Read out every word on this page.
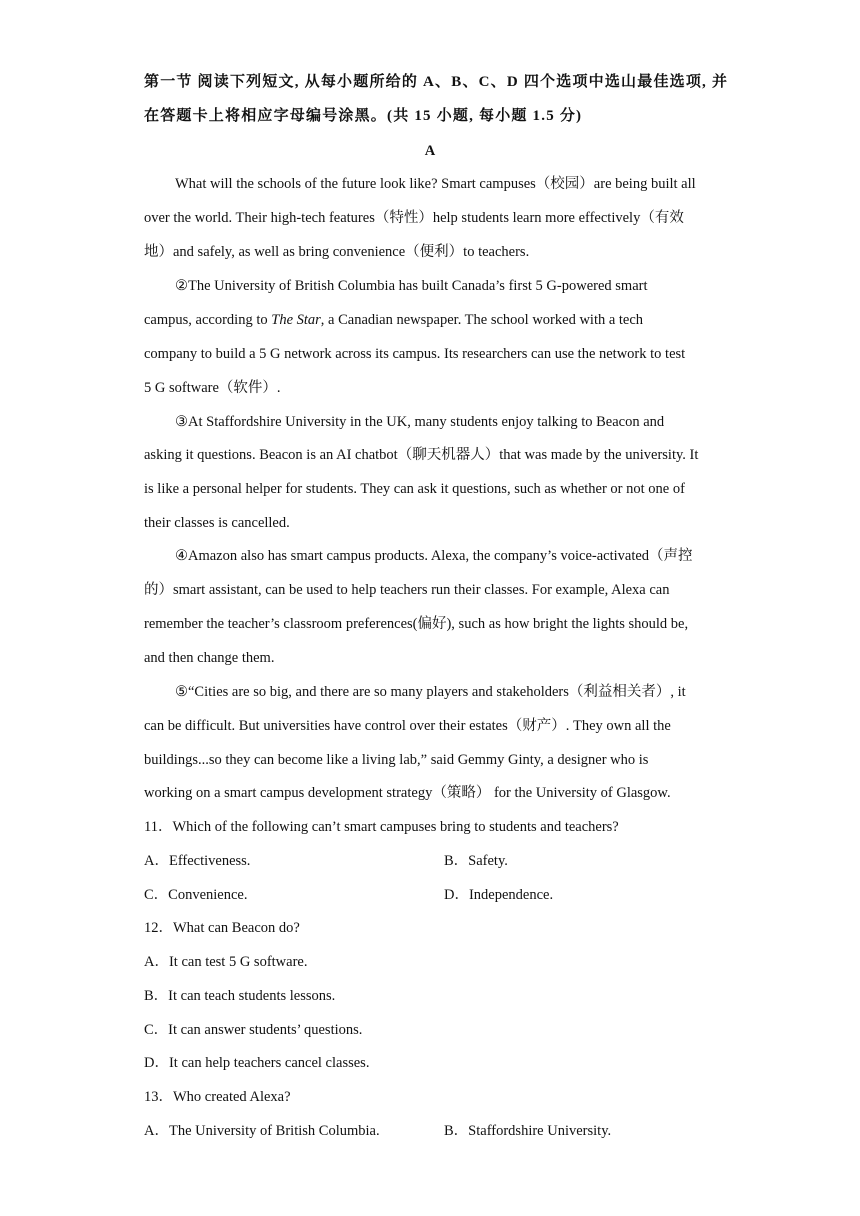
第一节 阅读下列短文, 从每小题所给的 A、B、C、D 四个选项中选山最佳选项, 并
在答题卡上将相应字母编号涂黑。(共 15 小题, 每小题 1.5 分)
A
What will the schools of the future look like? Smart campuses（校园）are being built all
over the world. Their high-tech features（特性）help students learn more effectively（有效
地）and safely, as well as bring convenience（便利）to teachers.
②The University of British Columbia has built Canada’s first 5 G-powered smart
campus, according to The Star, a Canadian newspaper. The school worked with a tech
company to build a 5 G network across its campus. Its researchers can use the network to test
5 G software（软件）.
③At Staffordshire University in the UK, many students enjoy talking to Beacon and
asking it questions. Beacon is an AI chatbot（聊天机器人）that was made by the university. It
is like a personal helper for students. They can ask it questions, such as whether or not one of
their classes is cancelled.
④Amazon also has smart campus products. Alexa, the company’s voice-activated（声控
的）smart assistant, can be used to help teachers run their classes. For example, Alexa can
remember the teacher’s classroom preferences(偏好), such as how bright the lights should be,
and then change them.
⑤“Cities are so big, and there are so many players and stakeholders（利益相关者）, it
can be difficult. But universities have control over their estates（财产）. They own all the
buildings...so they can become like a living lab,” said Gemmy Ginty, a designer who is
working on a smart campus development strategy（策略） for the University of Glasgow.
11．Which of the following can’t smart campuses bring to students and teachers?
A．Effectiveness.	B．Safety.
C．Convenience.	D．Independence.
12．What can Beacon do?
A．It can test 5 G software.
B．It can teach students lessons.
C．It can answer students’ questions.
D．It can help teachers cancel classes.
13．Who created Alexa?
A．The University of British Columbia.	B．Staffordshire University.
